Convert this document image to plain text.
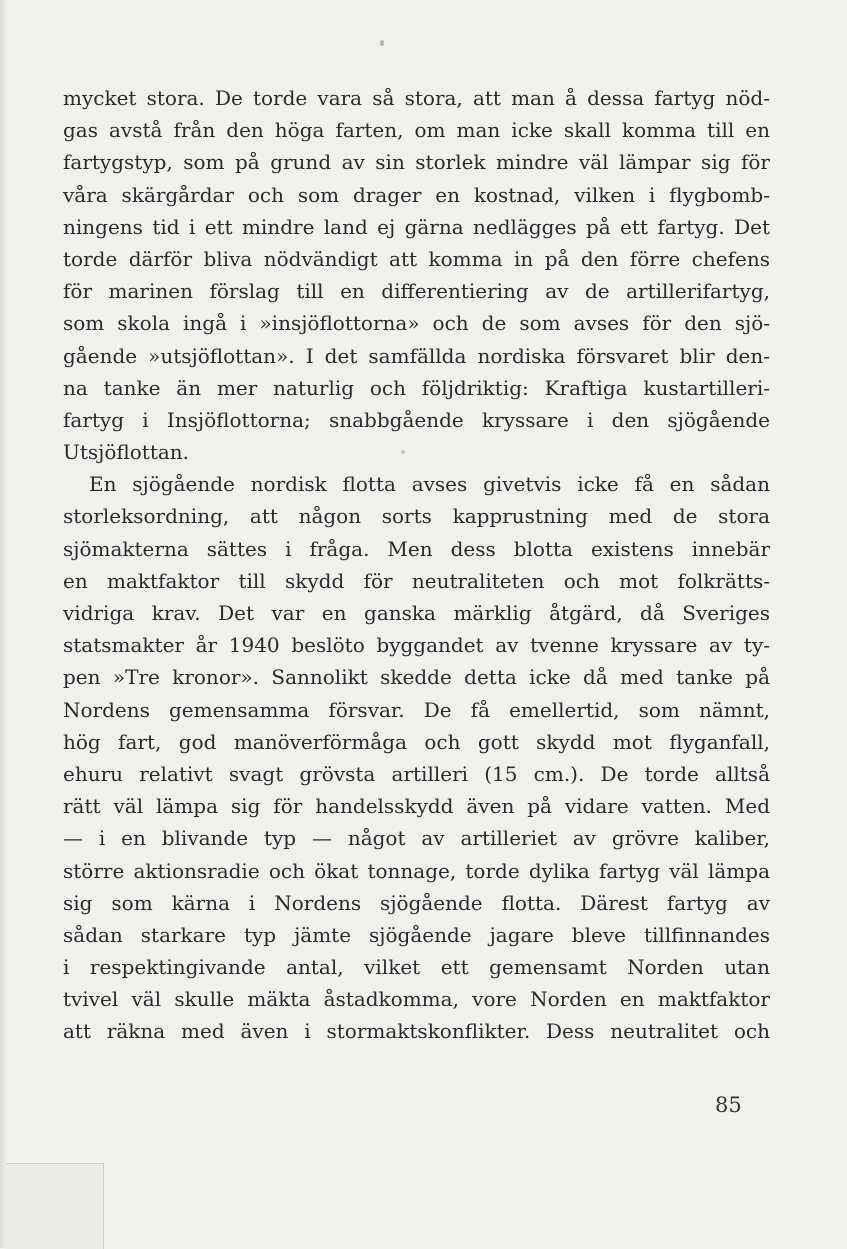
mycket stora. De torde vara så stora, att man å dessa fartyg nöd-
gas avstå från den höga farten, om man icke skall komma till en
fartygstyp, som på grund av sin storlek mindre väl lämpar sig för
våra skärgårdar och som drager en kostnad, vilken i flygbomb-
ningens tid i ett mindre land ej gärna nedlägges på ett fartyg. Det
torde därför bliva nödvändigt att komma in på den förre chefens
för marinen förslag till en differentiering av de artillerifartyg,
som skola ingå i »insjöflottorna» och de som avses för den sjö-
gående »utsjöflottan». I det samfällda nordiska försvaret blir den-
na tanke än mer naturlig och följdriktig: Kraftiga kustartilleri-
fartyg i Insjöflottorna; snabbgående kryssare i den sjögående
Utsjöflottan.
En sjögående nordisk flotta avses givetvis icke få en sådan
storleksordning, att någon sorts kapprustning med de stora
sjömakterna sättes i fråga. Men dess blotta existens innebär
en maktfaktor till skydd för neutraliteten och mot folkrätts-
vidriga krav. Det var en ganska märklig åtgärd, då Sveriges
statsmakter år 1940 beslöto byggandet av tvenne kryssare av ty-
pen »Tre kronor». Sannolikt skedde detta icke då med tanke på
Nordens gemensamma försvar. De få emellertid, som nämnt,
hög fart, god manöverförmåga och gott skydd mot flyganfall,
ehuru relativt svagt grövsta artilleri (15 cm.). De torde alltså
rätt väl lämpa sig för handelsskydd även på vidare vatten. Med
— i en blivande typ — något av artilleriet av grövre kaliber,
större aktionsradie och ökat tonnage, torde dylika fartyg väl lämpa
sig som kärna i Nordens sjögående flotta. Därest fartyg av
sådan starkare typ jämte sjögående jagare bleve tillfinnandes
i respektingivande antal, vilket ett gemensamt Norden utan
tvivel väl skulle mäkta åstadkomma, vore Norden en maktfaktor
att räkna med även i stormaktskonflikter. Dess neutralitet och
85
